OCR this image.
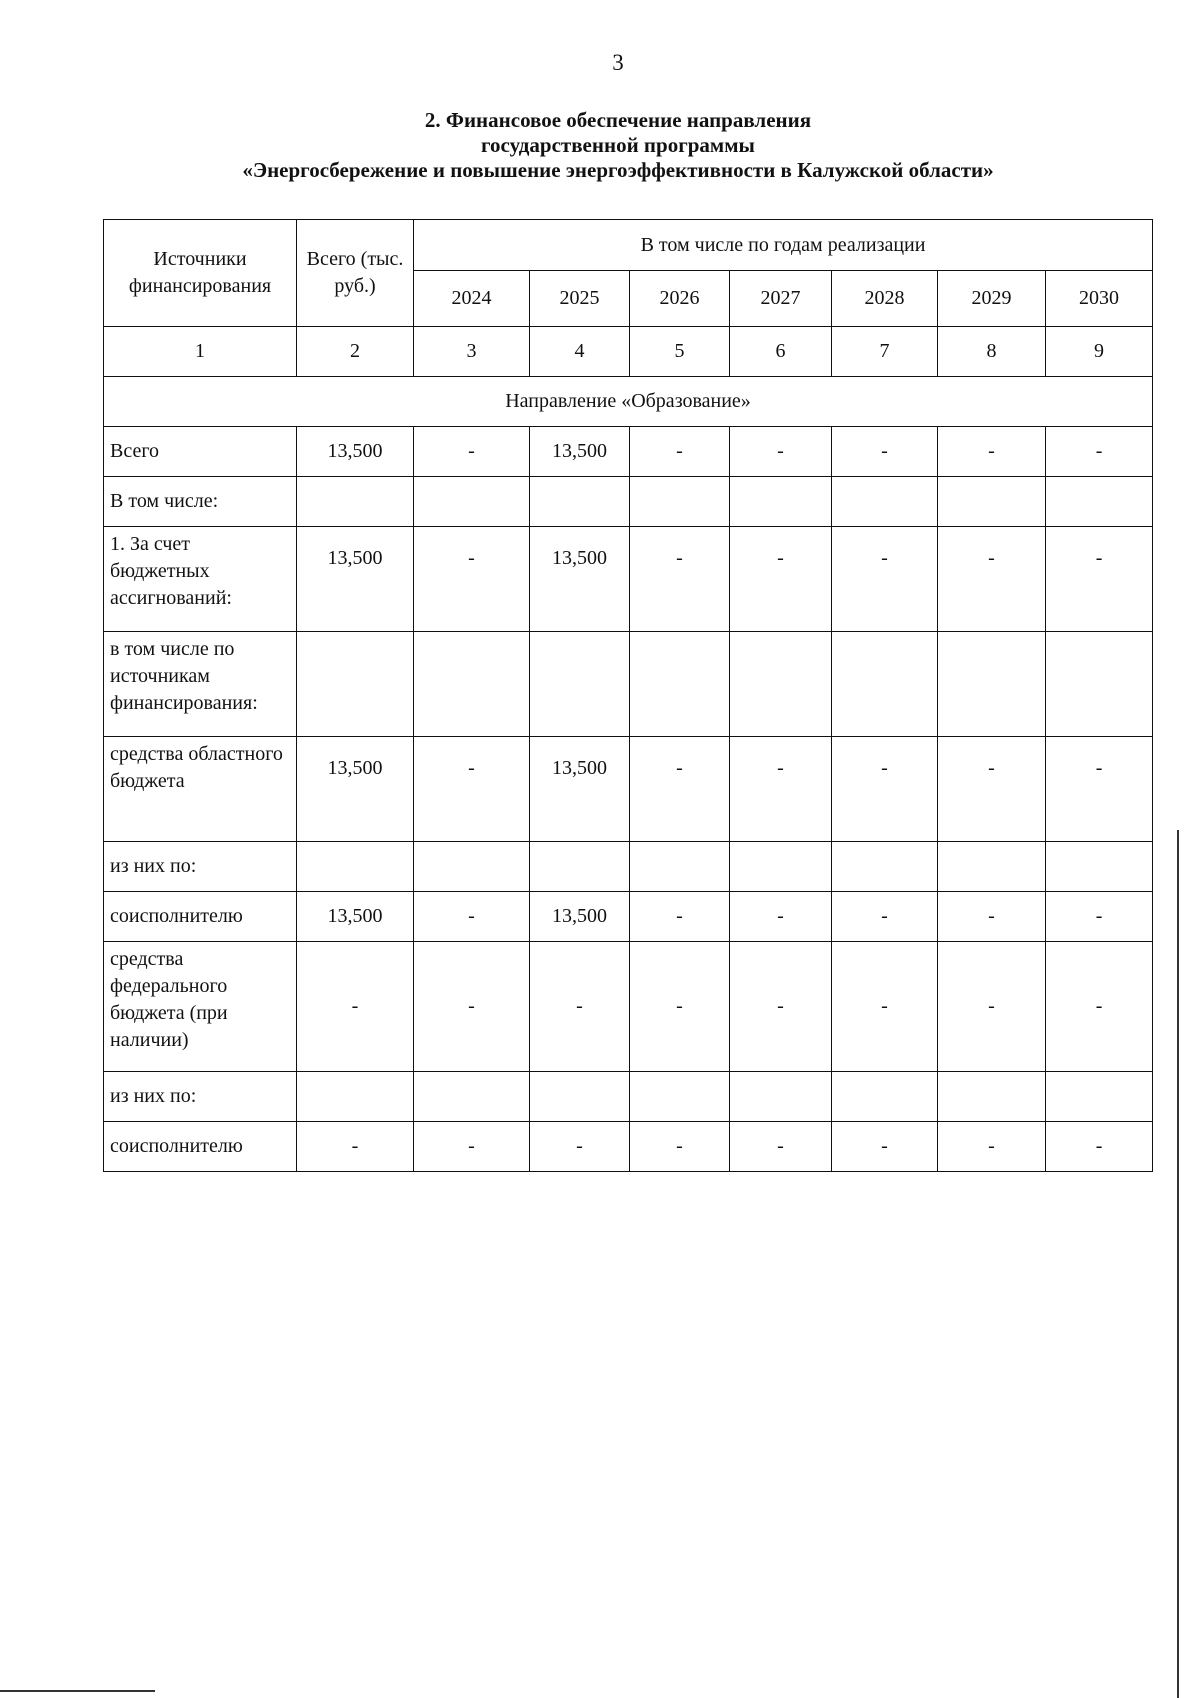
3
2. Финансовое обеспечение направления
государственной программы
«Энергосбережение и повышение энергоэффективности в Калужской области»
Источники финансирования	Всего (тыс. руб.)	В том числе по годам реализации						
		2024	2025	2026	2027	2028	2029	2030
1	2	3	4	5	6	7	8	9
Направление «Образование»								
Всего	13,500	-	13,500	-	-	-	-	-
В том числе:								
1. За счет бюджетных ассигнований:	13,500	-	13,500	-	-	-	-	-
в том числе по источникам финансирования:								
средства областного бюджета	13,500	-	13,500	-	-	-	-	-
из них по:								
соисполнителю	13,500	-	13,500	-	-	-	-	-
средства федерального бюджета (при наличии)	-	-	-	-	-	-	-	-
из них по:								
соисполнителю	-	-	-	-	-	-	-	-
